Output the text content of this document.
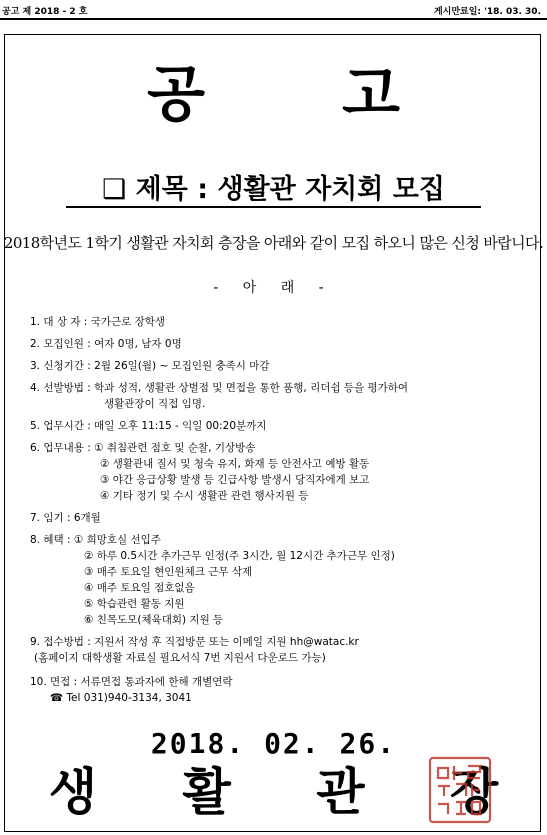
공고 제 2018 - 2 호	게시만료일: '18. 03. 30.
공 고
❑ 제목 : 생활관 자치회 모집
2018학년도 1학기 생활관 자치회 층장을 아래와 같이 모집 하오니 많은 신청 바랍니다.
- 아 래 -
1. 대 상 자 : 국가근로 장학생
2. 모집인원 : 여자 0명, 남자 0명
3. 신청기간 : 2월 26일(월) ~ 모집인원 충족시 마감
4. 선발방법 : 학과 성적, 생활관 상벌점 및 면접을 통한 품행, 리더쉽 등을 평가하여
생활관장이 직접 임명.
5. 업무시간 : 매일 오후 11:15 - 익일 00:20분까지
6. 업무내용 : ① 취침관련 점호 및 순찰, 기상방송
② 생활관내 질서 및 청숙 유지, 화재 등 안전사고 예방 활동
③ 야간 응급상황 발생 등 긴급사항 발생시 당직자에게 보고
④ 기타 정기 및 수시 생활관 관련 행사지원 등
7. 임기 : 6개월
8. 혜택 : ① 희망호실 선입주
② 하루 0.5시간 추가근무 인정(주 3시간, 월 12시간 추가근무 인정)
③ 매주 토요일 현인원체크 근무 삭제
④ 매주 토요일 점호없음
⑤ 학습관련 활동 지원
⑥ 친목도모(체육대회) 지원 등
9. 접수방법 : 지원서 작성 후 직접방문 또는 이메일 지원 hh@watac.kr
(홈페이지 대학생활 자료실 필요서식 7번 지원서 다운로드 가능)
10. 면접 : 서류면접 통과자에 한해 개별연락
☎ Tel 031)940-3134, 3041
2018. 02. 26.
생 활 관 장
